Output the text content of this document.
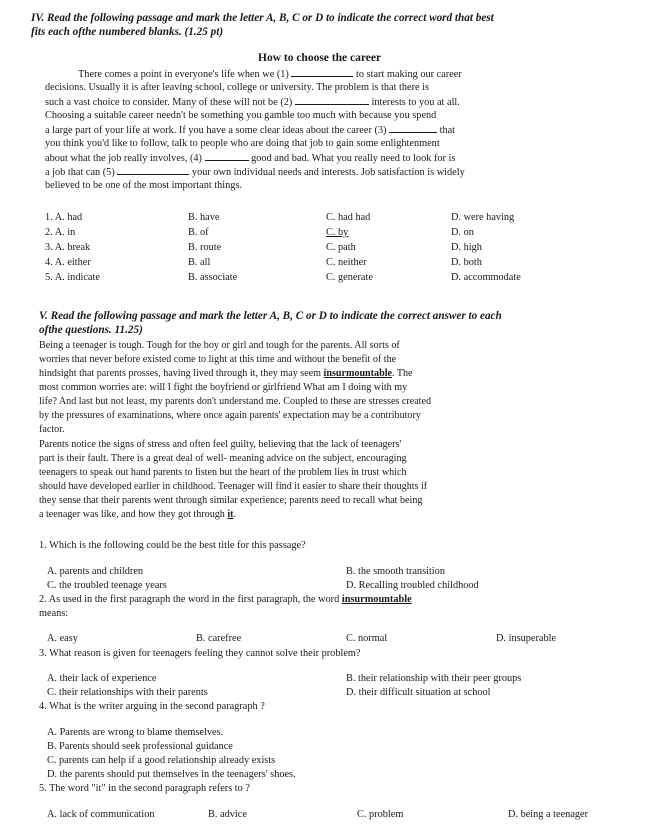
IV. Read the following passage and mark the letter A, B, C or D to indicate the correct word that best
fits each ofthe numbered blanks. (1.25 pt)
How to choose the career
There comes a point in everyone's life when we (1)	to start making our career
decisions. Usually it is after leaving school, college or university. The problem is that there is
such a vast choice to consider. Many of these will not be (2)	interests to you at all.
Choosing a suitable career needn't be something you gamble too much with because you spend
a large part of your life at work. If you have a some clear ideas about the career (3)	that
you think you'd like to follow, talk to people who are doing that job to gain some enlightenment
about what the job really involves, (4)	good and bad. What you really need to look for is
a job that can (5)	your own individual needs and interests. Job satisfaction is widely
believed to be one of the most important things.
1. A. had	B. have	C. had had	D. were having
2. A. in	B. of	C. by	D. on
3. A. break	B. route	C. path	D. high
4. A. either	B. all	C. neither	D. both
5. A. indicate	B. associate	C. generate	D. accommodate
V. Read the following passage and mark the letter A, B, C or D to indicate the correct answer to each
ofthe questions. 11.25)
Being a teenager is tough. Tough for the boy or girl and tough for the parents. All sorts of
worries that never before existed come to light at this time and without the benefit of the
hindsight that parents prosses, having lived through it, they may seem insurmountable. The
most common worries are: will I fight the boyfriend or girlfriend What am I doing with my
life? And last but not least, my parents don't understand me. Coupled to these are stresses created
by the pressures of examinations, where once again parents' expectation may be a contributory
factor.
Parents notice the signs of stress and often feel guilty, believing that the lack of teenagers'
part is their fault. There is a great deal of well- meaning advice on the subject, encouraging
teenagers to speak out hand parents to listen but the heart of the problem lies in trust which
should have developed earlier in childhood. Teenager will find it easier to share their thoughts if
they sense that their parents went through similar experience; parents need to recall what being
a teenager was like, and how they got through it.
1. Which is the following could be the best title for this passage?
A. parents and children	B. the smooth transition
C. the troubled teenage years	D. Recalling troubled childhood
2. As used in the first paragraph the word in the first paragraph, the word insurmountable
means:
A. easy	B. carefree	C. normal	D. insuperable
3. What reason is given for teenagers feeling they cannot solve their problem?
A. their lack of experience	B. their relationship with their peer groups
C. their relationships with their parents	D. their difficult situation at school
4. What is the writer arguing in the second paragraph ?
A. Parents are wrong to blame themselves.
B. Parents should seek professional guidance
C. parents can help if a good relationship already exists
D. the parents should put themselves in the teenagers' shoes.
5. The word "it" in the second paragraph refers to ?
A. lack of communication	B. advice	C. problem	D. being a teenager
